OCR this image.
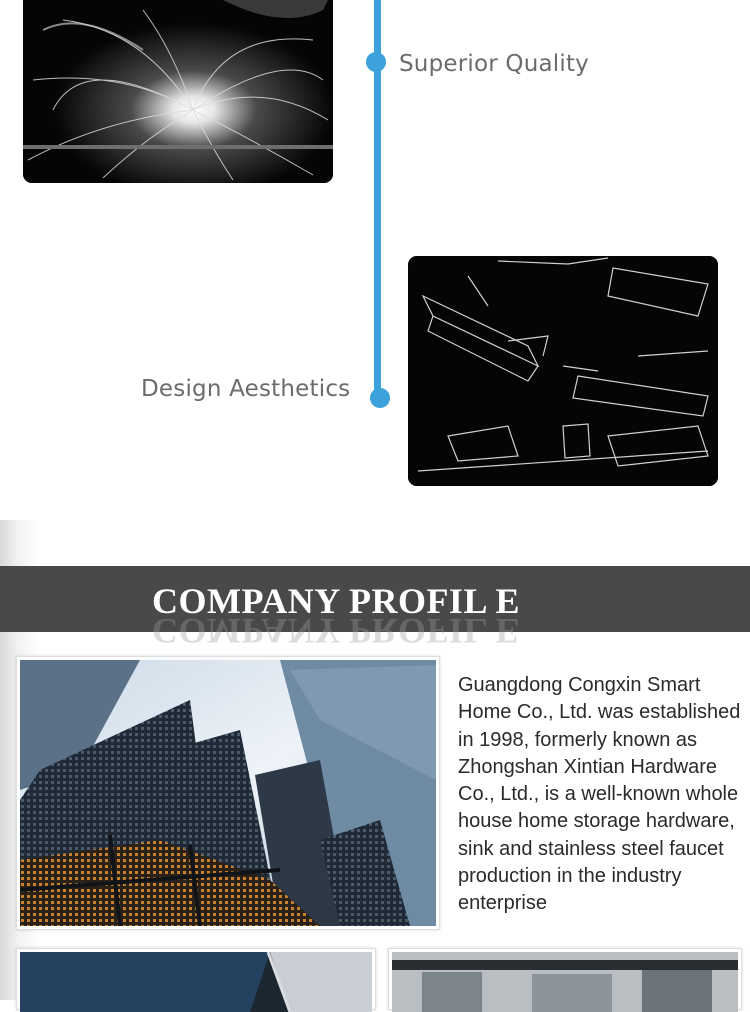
Superior Quality
Design Aesthetics
COMPANY PROFIL E
COMPANY PROFIL E
Guangdong Congxin Smart Home Co., Ltd. was established in 1998, formerly known as Zhongshan Xintian Hardware Co., Ltd., is a well-known whole house home storage hardware, sink and stainless steel faucet production in the industry enterprise
